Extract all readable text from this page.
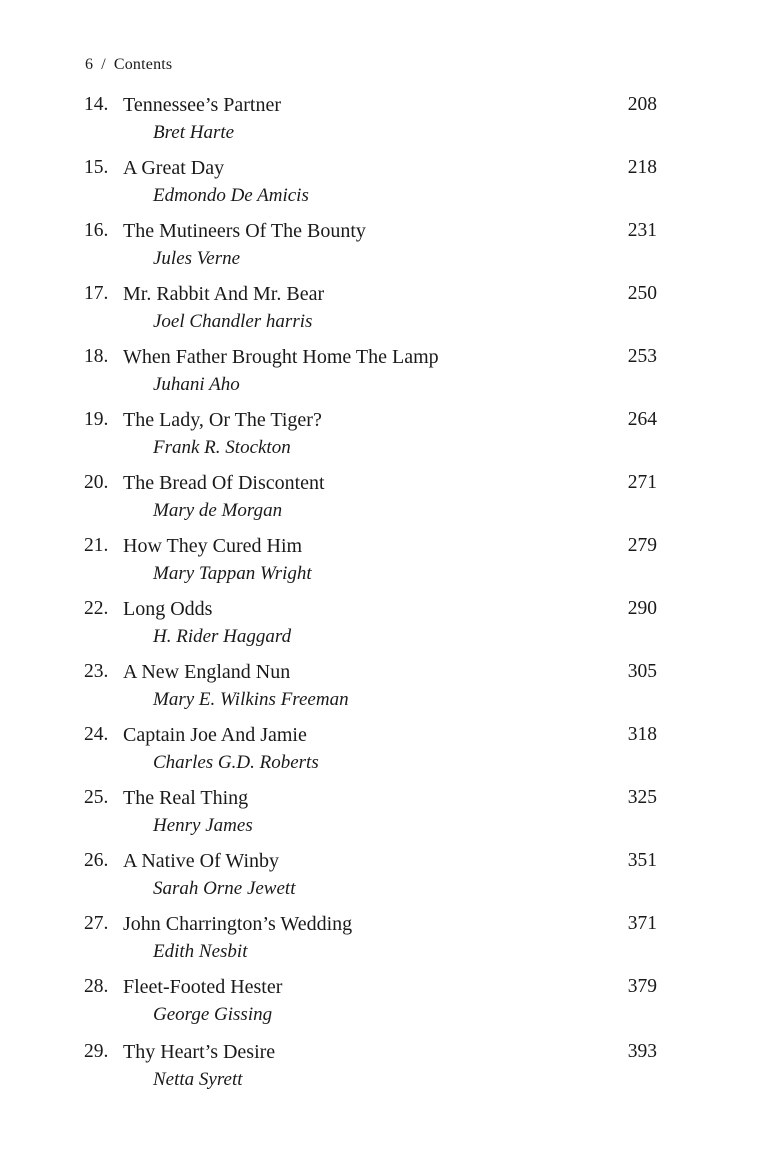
6 / Contents
14. Tennessee’s Partner	208
Bret Harte
15. A Great Day	218
Edmondo De Amicis
16. The Mutineers Of The Bounty	231
Jules Verne
17. Mr. Rabbit And Mr. Bear	250
Joel Chandler harris
18. When Father Brought Home The Lamp	253
Juhani Aho
19. The Lady, Or The Tiger?	264
Frank R. Stockton
20. The Bread Of Discontent	271
Mary de Morgan
21. How They Cured Him	279
Mary Tappan Wright
22. Long Odds	290
H. Rider Haggard
23. A New England Nun	305
Mary E. Wilkins Freeman
24. Captain Joe And Jamie	318
Charles G.D. Roberts
25. The Real Thing	325
Henry James
26. A Native Of Winby	351
Sarah Orne Jewett
27. John Charrington’s Wedding	371
Edith Nesbit
28. Fleet-Footed Hester	379
George Gissing
29. Thy Heart’s Desire	393
Netta Syrett
